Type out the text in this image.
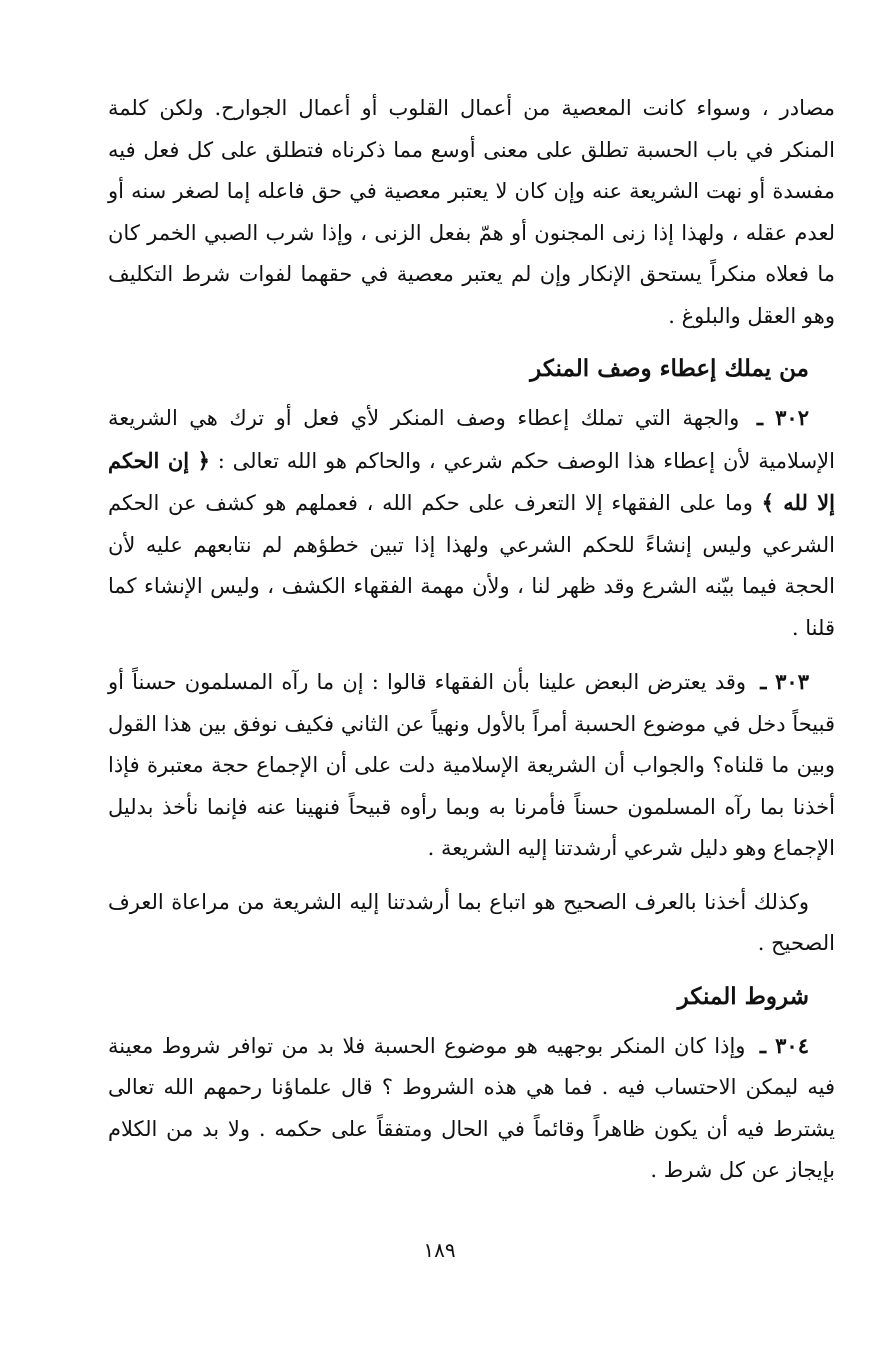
مصادر ، وسواء كانت المعصية من أعمال القلوب أو أعمال الجوارح. ولكن كلمة المنكر في باب الحسبة تطلق على معنى أوسع مما ذكرناه فتطلق على كل فعل فيه مفسدة أو نهت الشريعة عنه وإن كان لا يعتبر معصية في حق فاعله إما لصغر سنه أو لعدم عقله ، ولهذا إذا زنى المجنون أو همّ بفعل الزنى ، وإذا شرب الصبي الخمر كان ما فعلاه منكراً يستحق الإنكار وإن لم يعتبر معصية في حقهما لفوات شرط التكليف وهو العقل والبلوغ .

من يملك إعطاء وصف المنكر

٣٠٢ ـ والجهة التي تملك إعطاء وصف المنكر لأي فعل أو ترك هي الشريعة الإسلامية لأن إعطاء هذا الوصف حكم شرعي ، والحاكم هو الله تعالى : ﴿ إن الحكم إلا لله ﴾ وما على الفقهاء إلا التعرف على حكم الله ، فعملهم هو كشف عن الحكم الشرعي وليس إنشاءً للحكم الشرعي ولهذا إذا تبين خطؤهم لم نتابعهم عليه لأن الحجة فيما بيّنه الشرع وقد ظهر لنا ، ولأن مهمة الفقهاء الكشف ، وليس الإنشاء كما قلنا .

٣٠٣ ـ وقد يعترض البعض علينا بأن الفقهاء قالوا : إن ما رآه المسلمون حسناً أو قبيحاً دخل في موضوع الحسبة أمراً بالأول ونهياً عن الثاني فكيف نوفق بين هذا القول وبين ما قلناه؟ والجواب أن الشريعة الإسلامية دلت على أن الإجماع حجة معتبرة فإذا أخذنا بما رآه المسلمون حسناً فأمرنا به وبما رأوه قبيحاً فنهينا عنه فإنما نأخذ بدليل الإجماع وهو دليل شرعي أرشدتنا إليه الشريعة .

وكذلك أخذنا بالعرف الصحيح هو اتباع بما أرشدتنا إليه الشريعة من مراعاة العرف الصحيح .

شروط المنكر

٣٠٤ ـ وإذا كان المنكر بوجهيه هو موضوع الحسبة فلا بد من توافر شروط معينة فيه ليمكن الاحتساب فيه . فما هي هذه الشروط ؟ قال علماؤنا رحمهم الله تعالى يشترط فيه أن يكون ظاهراً وقائماً في الحال ومتفقاً على حكمه . ولا بد من الكلام بإيجاز عن كل شرط .

١٨٩
